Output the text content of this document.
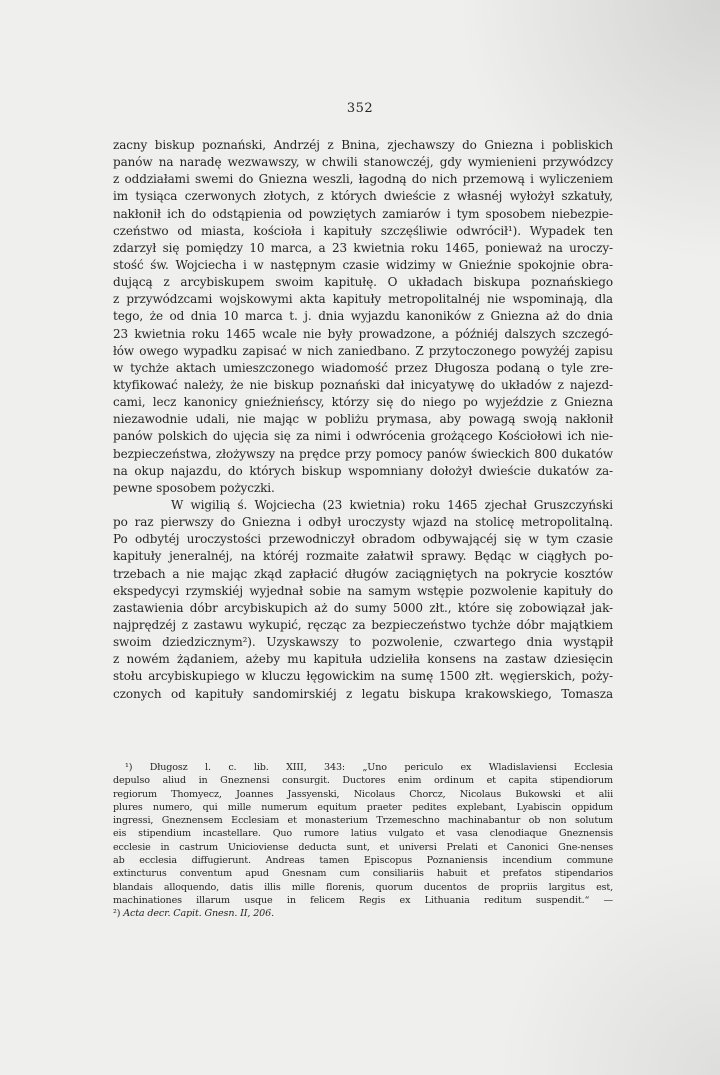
352
zacny biskup poznański, Andrzéj z Bnina, zjechawszy do Gniezna i pobliskich
panów na naradę wezwawszy, w chwili stanowczéj, gdy wymienieni przywódzcy
z oddziałami swemi do Gniezna weszli, łagodną do nich przemową i wyliczeniem
im tysiąca czerwonych złotych, z których dwieście z własnéj wyłożył szkatuły,
nakłonił ich do odstąpienia od powziętych zamiarów i tym sposobem niebezpie-
czeństwo od miasta, kościoła i kapituły szczęśliwie odwrócił¹). Wypadek ten
zdarzył się pomiędzy 10 marca, a 23 kwietnia roku 1465, ponieważ na uroczy-
stość św. Wojciecha i w następnym czasie widzimy w Gnieźnie spokojnie obra-
dującą z arcybiskupem swoim kapitułę. O układach biskupa poznańskiego
z przywódzcami wojskowymi akta kapituły metropolitalnéj nie wspominają, dla
tego, że od dnia 10 marca t. j. dnia wyjazdu kanoników z Gniezna aż do dnia
23 kwietnia roku 1465 wcale nie były prowadzone, a późniéj dalszych szczegó-
łów owego wypadku zapisać w nich zaniedbano. Z przytoczonego powyżéj zapisu
w tychże aktach umieszczonego wiadomość przez Długosza podaną o tyle zre-
ktyfikować należy, że nie biskup poznański dał inicyatywę do układów z najezd-
cami, lecz kanonicy gnieźnieńscy, którzy się do niego po wyjeździe z Gniezna
niezawodnie udali, nie mając w pobliżu prymasa, aby powagą swoją nakłonił
panów polskich do ujęcia się za nimi i odwrócenia grożącego Kościołowi ich nie-
bezpieczeństwa, złożywszy na prędce przy pomocy panów świeckich 800 dukatów
na okup najazdu, do których biskup wspomniany dołożył dwieście dukatów za-
pewne sposobem pożyczki.
W wigilią ś. Wojciecha (23 kwietnia) roku 1465 zjechał Gruszczyński
po raz pierwszy do Gniezna i odbył uroczysty wjazd na stolicę metropolitalną.
Po odbytéj uroczystości przewodniczył obradom odbywającéj się w tym czasie
kapituły jeneralnéj, na któréj rozmaite załatwił sprawy. Będąc w ciągłych po-
trzebach a nie mając zkąd zapłacić długów zaciągniętych na pokrycie kosztów
ekspedycyi rzymskiéj wyjednał sobie na samym wstępie pozwolenie kapituły do
zastawienia dóbr arcybiskupich aż do sumy 5000 złt., które się zobowiązał jak-
najprędzéj z zastawu wykupić, ręcząc za bezpieczeństwo tychże dóbr majątkiem
swoim dziedzicznym²). Uzyskawszy to pozwolenie, czwartego dnia wystąpił
z nowém żądaniem, ażeby mu kapituła udzieliła konsens na zastaw dziesięcin
stołu arcybiskupiego w kluczu łęgowickim na sumę 1500 złt. węgierskich, poży-
czonych od kapituły sandomirskiéj z legatu biskupa krakowskiego, Tomasza
¹) Długosz l. c. lib. XIII, 343: „Uno periculo ex Wladislaviensi Ecclesia
depulso aliud in Gneznensi consurgit. Ductores enim ordinum et capita stipendiorum
regiorum Thomyecz, Joannes Jassyenski, Nicolaus Chorcz, Nicolaus Bukowski et alii
plures numero, qui mille numerum equitum praeter pedites explebant, Lyabiscin oppidum
ingressi, Gneznensem Ecclesiam et monasterium Trzemeschno machinabantur ob non solutum
eis stipendium incastellare. Quo rumore latius vulgato et vasa clenodiaque Gneznensis
ecclesie in castrum Unicioviense deducta sunt, et universi Prelati et Canonici Gne-nenses
ab ecclesia diffugierunt. Andreas tamen Episcopus Poznaniensis incendium commune
extincturus conventum apud Gnesnam cum consiliariis habuit et prefatos stipendarios
blandais alloquendo, datis illis mille florenis, quorum ducentos de propriis largitus est,
machinationes illarum usque in felicem Regis ex Lithuania reditum suspendit.“ —
²) Acta decr. Capit. Gnesn. II, 206.
